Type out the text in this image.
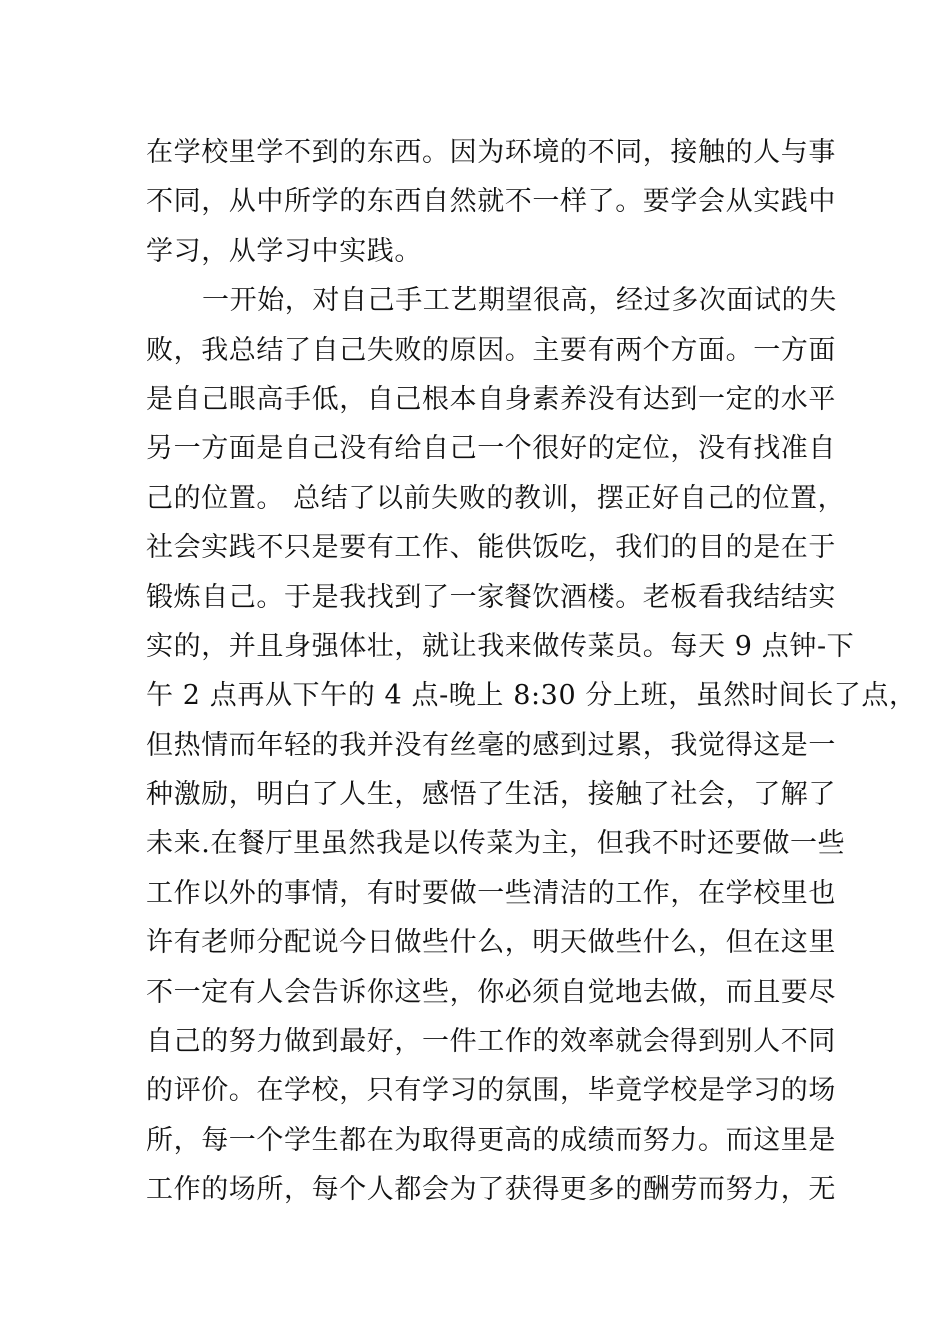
在学校里学不到的东西。因为环境的不同，接触的人与事
不同，从中所学的东西自然就不一样了。要学会从实践中
学习，从学习中实践。
一开始，对自己手工艺期望很高，经过多次面试的失
败，我总结了自己失败的原因。主要有两个方面。一方面
是自己眼高手低，自己根本自身素养没有达到一定的水平
另一方面是自己没有给自己一个很好的定位，没有找准自
己的位置。 总结了以前失败的教训，摆正好自己的位置，
社会实践不只是要有工作、能供饭吃，我们的目的是在于
锻炼自己。于是我找到了一家餐饮酒楼。老板看我结结实
实的，并且身强体壮，就让我来做传菜员。每天 9 点钟-下
午 2 点再从下午的 4 点-晚上 8:30 分上班，虽然时间长了点，
但热情而年轻的我并没有丝毫的感到过累，我觉得这是一
种激励，明白了人生，感悟了生活，接触了社会，了解了
未来.在餐厅里虽然我是以传菜为主，但我不时还要做一些
工作以外的事情，有时要做一些清洁的工作，在学校里也
许有老师分配说今日做些什么，明天做些什么，但在这里
不一定有人会告诉你这些，你必须自觉地去做，而且要尽
自己的努力做到最好，一件工作的效率就会得到别人不同
的评价。在学校，只有学习的氛围，毕竟学校是学习的场
所，每一个学生都在为取得更高的成绩而努力。而这里是
工作的场所，每个人都会为了获得更多的酬劳而努力，无
